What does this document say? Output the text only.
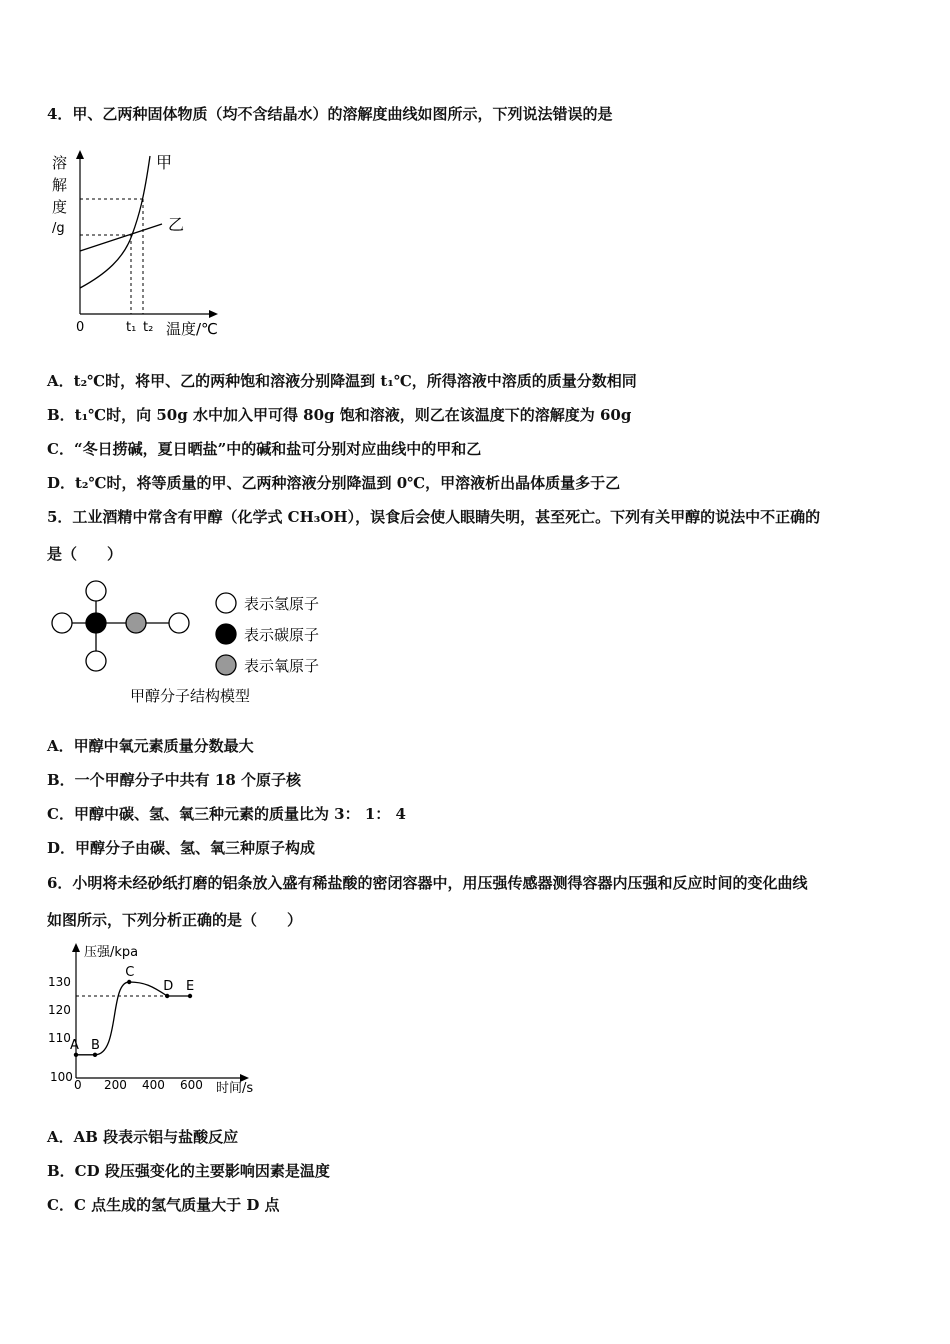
4．甲、乙两种固体物质（均不含结晶水）的溶解度曲线如图所示，下列说法错误的是
溶
解
度
/g
甲
乙
0	t₁ t₂ 温度/℃
A．t₂℃时，将甲、乙的两种饱和溶液分别降温到 t₁℃，所得溶液中溶质的质量分数相同
B．t₁℃时，向 50g 水中加入甲可得 80g 饱和溶液，则乙在该温度下的溶解度为 60g
C．“冬日捞碱，夏日晒盐”中的碱和盐可分别对应曲线中的甲和乙
D．t₂℃时，将等质量的甲、乙两种溶液分别降温到 0℃，甲溶液析出晶体质量多于乙
5．工业酒精中常含有甲醇（化学式 CH₃OH），误食后会使人眼睛失明，甚至死亡。下列有关甲醇的说法中不正确的
是（　　）
表示氢原子
表示碳原子
表示氧原子
甲醇分子结构模型
A．甲醇中氧元素质量分数最大
B．一个甲醇分子中共有 18 个原子核
C．甲醇中碳、氢、氧三种元素的质量比为 3： 1： 4
D．甲醇分子由碳、氢、氧三种原子构成
6．小明将未经砂纸打磨的铝条放入盛有稀盐酸的密闭容器中，用压强传感器测得容器内压强和反应时间的变化曲线
如图所示，下列分析正确的是（　　）
压强/kpa
时间/s
130
120
110
100
0 200 400 600
A B
C
D E
A．AB 段表示铝与盐酸反应
B．CD 段压强变化的主要影响因素是温度
C．C 点生成的氢气质量大于 D 点
